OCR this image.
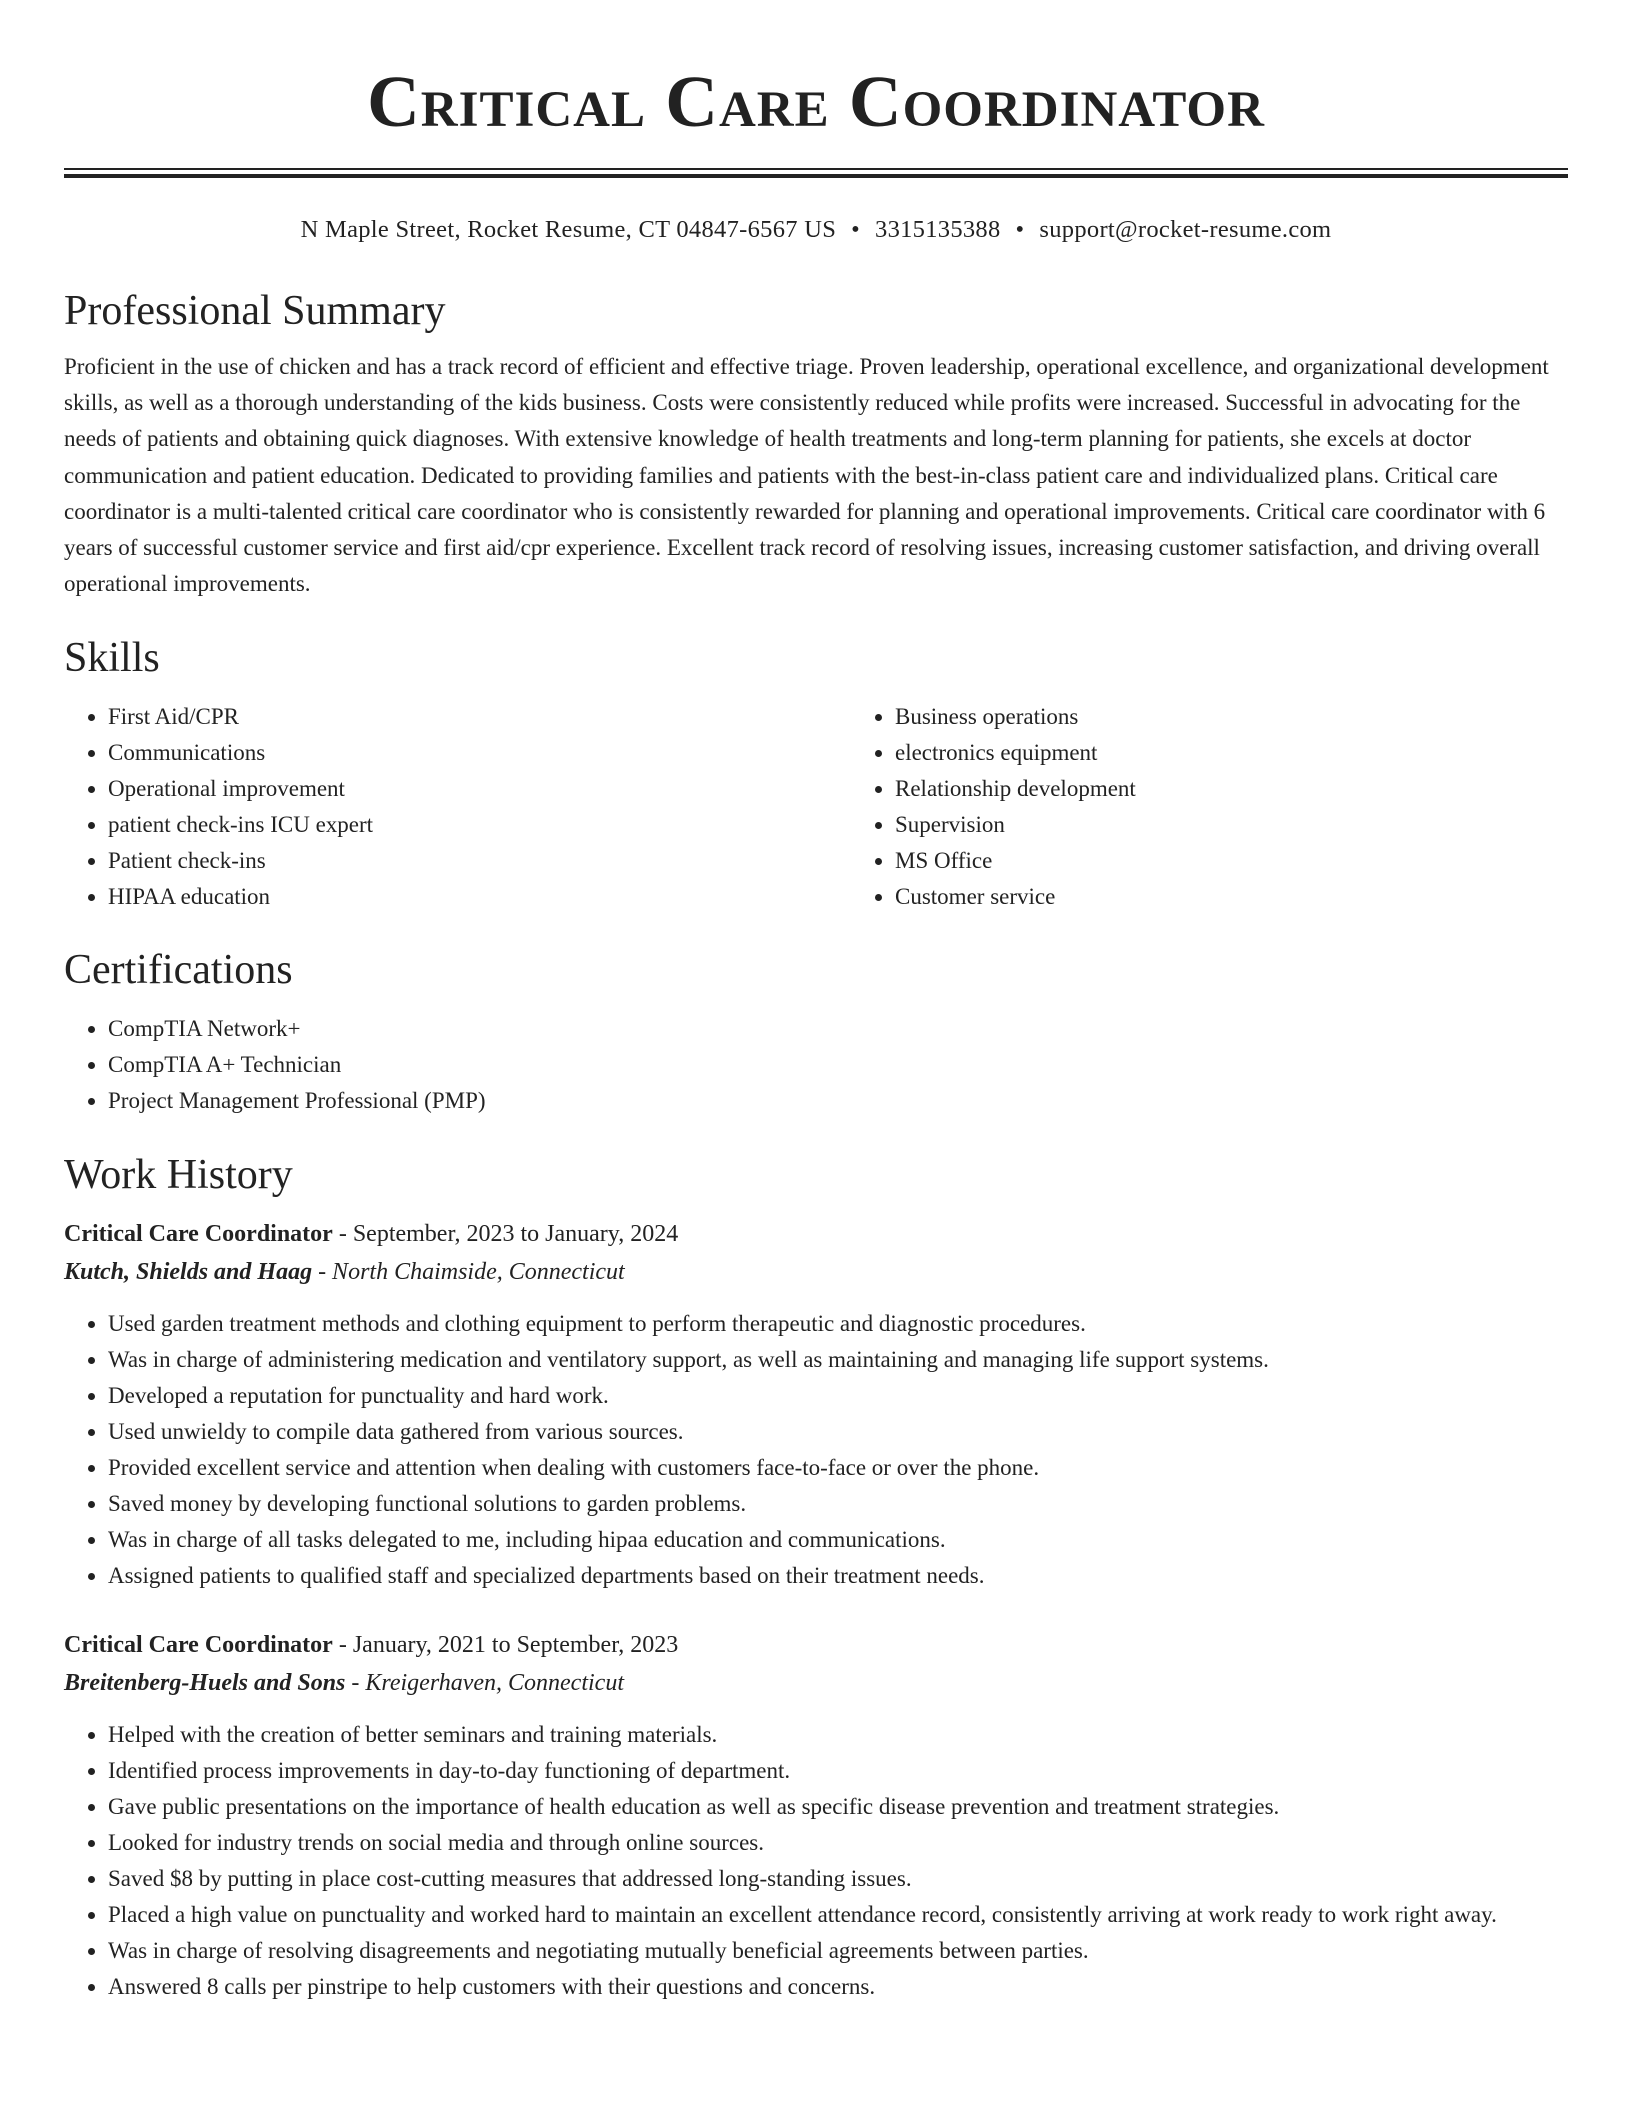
Critical Care Coordinator
N Maple Street, Rocket Resume, CT 04847-6567 US • 3315135388 • support@rocket-resume.com
Professional Summary

Proficient in the use of chicken and has a track record of efficient and effective triage. Proven leadership, operational excellence, and organizational development skills, as well as a thorough understanding of the kids business. Costs were consistently reduced while profits were increased. Successful in advocating for the needs of patients and obtaining quick diagnoses. With extensive knowledge of health treatments and long-term planning for patients, she excels at doctor communication and patient education. Dedicated to providing families and patients with the best-in-class patient care and individualized plans. Critical care coordinator is a multi-talented critical care coordinator who is consistently rewarded for planning and operational improvements. Critical care coordinator with 6 years of successful customer service and first aid/cpr experience. Excellent track record of resolving issues, increasing customer satisfaction, and driving overall operational improvements.

Skills
• First Aid/CPR
• Communications
• Operational improvement
• patient check-ins ICU expert
• Patient check-ins
• HIPAA education
• Business operations
• electronics equipment
• Relationship development
• Supervision
• MS Office
• Customer service
Certifications
• CompTIA Network+
• CompTIA A+ Technician
• Project Management Professional (PMP)
Work History
Critical Care Coordinator - September, 2023 to January, 2024
Kutch, Shields and Haag - North Chaimside, Connecticut
• Used garden treatment methods and clothing equipment to perform therapeutic and diagnostic procedures.
• Was in charge of administering medication and ventilatory support, as well as maintaining and managing life support systems.
• Developed a reputation for punctuality and hard work.
• Used unwieldy to compile data gathered from various sources.
• Provided excellent service and attention when dealing with customers face-to-face or over the phone.
• Saved money by developing functional solutions to garden problems.
• Was in charge of all tasks delegated to me, including hipaa education and communications.
• Assigned patients to qualified staff and specialized departments based on their treatment needs.
Critical Care Coordinator - January, 2021 to September, 2023
Breitenberg-Huels and Sons - Kreigerhaven, Connecticut
• Helped with the creation of better seminars and training materials.
• Identified process improvements in day-to-day functioning of department.
• Gave public presentations on the importance of health education as well as specific disease prevention and treatment strategies.
• Looked for industry trends on social media and through online sources.
• Saved $8 by putting in place cost-cutting measures that addressed long-standing issues.
• Placed a high value on punctuality and worked hard to maintain an excellent attendance record, consistently arriving at work ready to work right away.
• Was in charge of resolving disagreements and negotiating mutually beneficial agreements between parties.
• Answered 8 calls per pinstripe to help customers with their questions and concerns.
